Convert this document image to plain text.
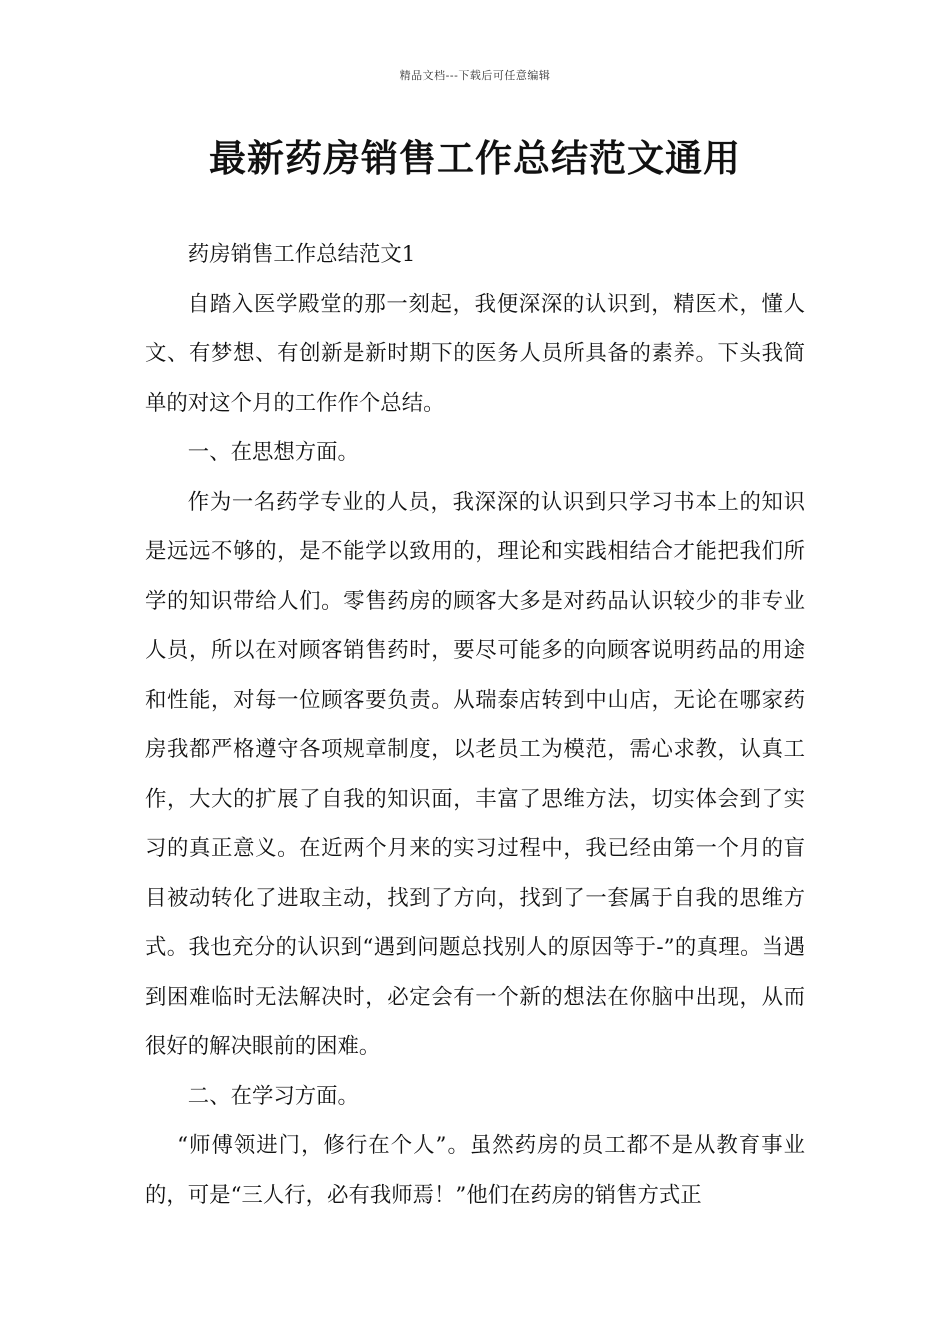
精品文档---下载后可任意编辑
最新药房销售工作总结范文通用

药房销售工作总结范文1

自踏入医学殿堂的那一刻起，我便深深的认识到，精医术，懂人文、有梦想、有创新是新时期下的医务人员所具备的素养。下头我简单的对这个月的工作作个总结。

一、在思想方面。

作为一名药学专业的人员，我深深的认识到只学习书本上的知识是远远不够的，是不能学以致用的，理论和实践相结合才能把我们所学的知识带给人们。零售药房的顾客大多是对药品认识较少的非专业人员，所以在对顾客销售药时，要尽可能多的向顾客说明药品的用途和性能，对每一位顾客要负责。从瑞泰店转到中山店，无论在哪家药房我都严格遵守各项规章制度，以老员工为模范，需心求教，认真工作，大大的扩展了自我的知识面，丰富了思维方法，切实体会到了实习的真正意义。在近两个月来的实习过程中，我已经由第一个月的盲目被动转化了进取主动，找到了方向，找到了一套属于自我的思维方式。我也充分的认识到“遇到问题总找别人的原因等于-”的真理。当遇到困难临时无法解决时，必定会有一个新的想法在你脑中出现，从而很好的解决眼前的困难。

二、在学习方面。

“师傅领进门，修行在个人”。虽然药房的员工都不是从教育事业的，可是“三人行，必有我师焉！”他们在药房的销售方式正
